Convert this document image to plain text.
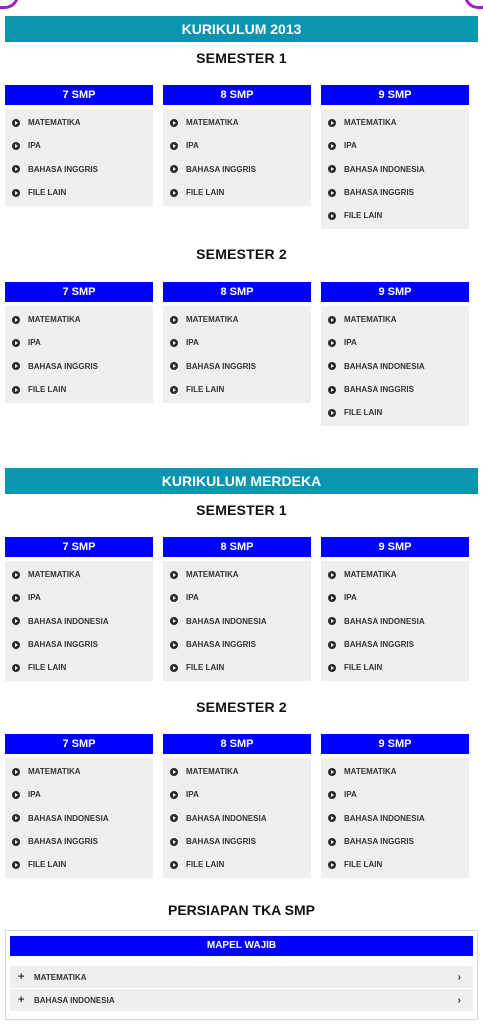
KURIKULUM 2013
SEMESTER 1
7 SMP
MATEMATIKA
IPA
BAHASA INGGRIS
FILE LAIN
8 SMP
MATEMATIKA
IPA
BAHASA INGGRIS
FILE LAIN
9 SMP
MATEMATIKA
IPA
BAHASA INDONESIA
BAHASA INGGRIS
FILE LAIN
SEMESTER 2
7 SMP
MATEMATIKA
IPA
BAHASA INGGRIS
FILE LAIN
8 SMP
MATEMATIKA
IPA
BAHASA INGGRIS
FILE LAIN
9 SMP
MATEMATIKA
IPA
BAHASA INDONESIA
BAHASA INGGRIS
FILE LAIN
KURIKULUM MERDEKA
SEMESTER 1
7 SMP
MATEMATIKA
IPA
BAHASA INDONESIA
BAHASA INGGRIS
FILE LAIN
8 SMP
MATEMATIKA
IPA
BAHASA INDONESIA
BAHASA INGGRIS
FILE LAIN
9 SMP
MATEMATIKA
IPA
BAHASA INDONESIA
BAHASA INGGRIS
FILE LAIN
SEMESTER 2
7 SMP
MATEMATIKA
IPA
BAHASA INDONESIA
BAHASA INGGRIS
FILE LAIN
8 SMP
MATEMATIKA
IPA
BAHASA INDONESIA
BAHASA INGGRIS
FILE LAIN
9 SMP
MATEMATIKA
IPA
BAHASA INDONESIA
BAHASA INGGRIS
FILE LAIN
PERSIAPAN TKA SMP
MAPEL WAJIB
+	MATEMATIKA	›
+	BAHASA INDONESIA	›
